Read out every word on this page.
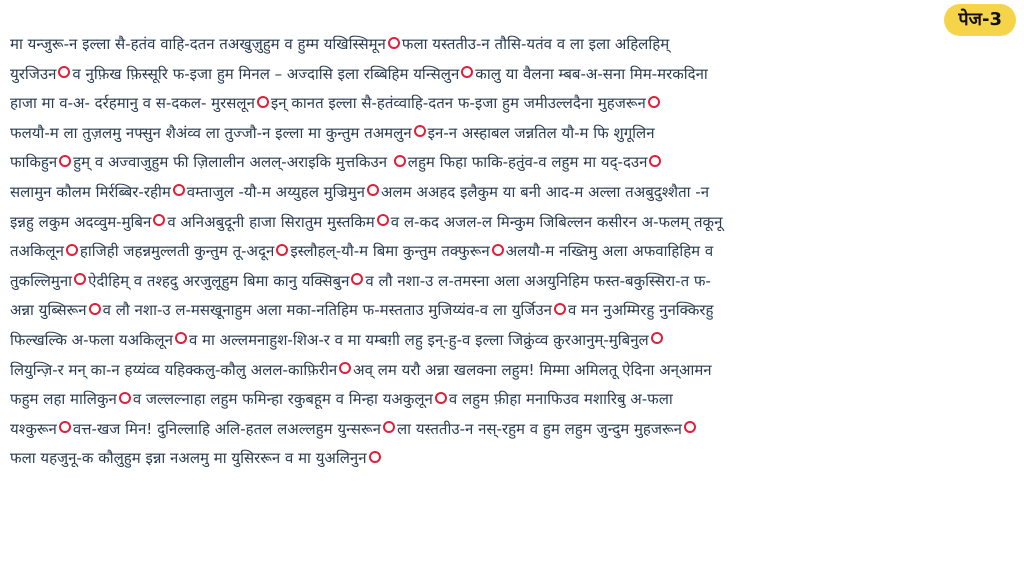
पेज-3
मा यन्जुरू-न इल्ला सै-हतंव वाहि-दतन तअखुज़ुहुम व हुम्म यखिस्सिमून फला यस्ततीउ-न तौसि-यतंव व ला इला अहिलहिम्
युरजिउन व नुफ़िख फ़िस्सूरि फ-इजा हुम मिनल – अज्दासि इला रब्बिहिम यन्सिलुन कालु या वैलना म्बब-अ-सना मिम-मरकदिना
हाजा मा व-अ- दर्रहमानु व स-दकल- मुरसलून इन् कानत इल्ला सै-हतंव्वाहि-दतन फ-इजा हुम जमीउल्लदैना मुहजरून
फलयौ-म ला तुज़लमु नफ्सुन शैअंव्व ला तुज्जौ-न इल्ला मा कुन्तुम तअमलुन इन-न अस्हाबल जन्नतिल यौ-म फि शुगूलिन
फाकिहुन हुम् व अज्वाजुहुम फी ज़िलालीन अलल्-अराइकि मुत्तकिउन लहुम फिहा फाकि-हतुंव-व लहुम मा यद्-दउन
सलामुन कौलम मिर्रब्बिर-रहीम वम्ताजुल -यौ-म अय्युहल मुज्रिमुन अलम अअहद इलैकुम या बनी आद-म अल्ला तअबुदुश्शैता -न
इन्नहु लकुम अदव्वुम-मुबिन व अनिअबुदूनी हाजा सिरातुम मुस्तकिम व ल-कद अजल-ल मिन्कुम जिबिल्लन कसीरन अ-फलम् तकूनू
तअकिलून हाजिही जहन्नमुल्लती कुन्तुम तू-अदून इस्लौहल्-यौ-म बिमा कुन्तुम तक्फुरून अलयौ-म नख्तिमु अला अफवाहिहिम व
तुकल्लिमुना ऐदीहिम् व तश्हदु अरजुलूहुम बिमा कानु यक्सिबुन व लौ नशा-उ ल-तमस्ना अला अअयुनिहिम फस्त-बकुस्सिरा-त फ-
अन्ना युब्सिरून व लौ नशा-उ ल-मसखूनाहुम अला मका-नतिहिम फ-मस्तताउ मुजिय्यंव-व ला युर्जिउन व मन नुअम्मिरहु नुनक्किरहु
फिल्खल्कि अ-फला यअकिलून व मा अल्लमनाहुश-शिअ-र व मा यम्बग़ी लहु इन्-हु-व इल्ला जिक्रुंव्व क़ुरआनुम्-मुबिनुल
लियुन्ज़ि-र मन् का-न हय्यंव्व यहिक्कलु-कौलु अलल-काफ़िरीन अव् लम यरौ अन्ना खलक्ना लहुम! मिम्मा अमिलतू ऐदिना अन्आमन
फहुम लहा मालिकुन व जल्लल्नाहा लहुम फमिन्हा रकुबहूम व मिन्हा यअकुलून व लहुम फ़ीहा मनाफिउव मशारिबु अ-फला
यश्कुरून वत्त-खज मिन! दुनिल्लाहि अलि-हतल लअल्लहुम युन्सरून ला यस्ततीउ-न नस्-रहुम व हुम लहुम जुन्दुम मुहजरून
फला यहजुनू-क कौलुहुम इन्ना नअलमु मा युसिररून व मा युअलिनुन
